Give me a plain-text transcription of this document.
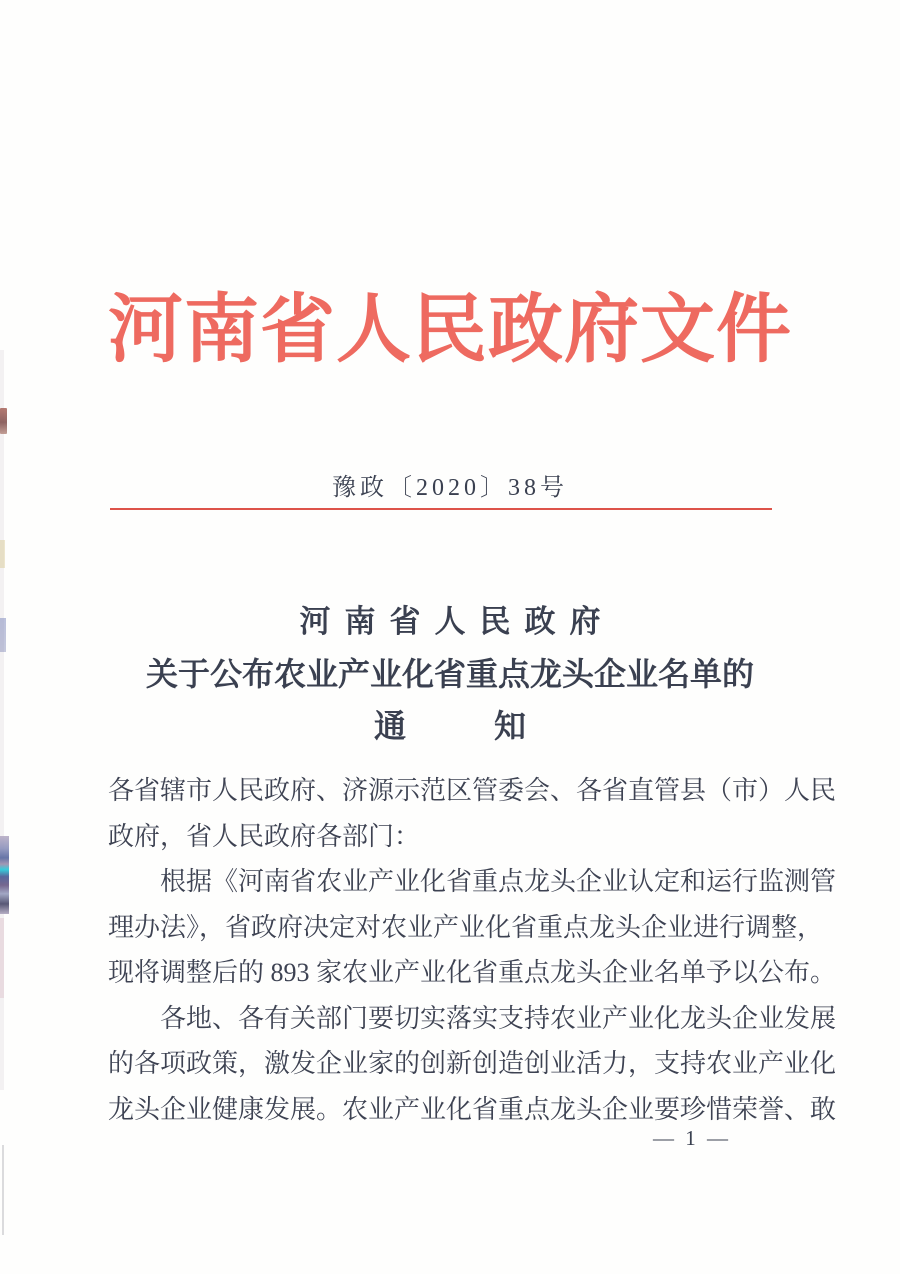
河南省人民政府文件
豫政〔2020〕38号
河南省人民政府
关于公布农业产业化省重点龙头企业名单的
通	知
各省辖市人民政府、济源示范区管委会、各省直管县（市）人民
政府，省人民政府各部门：
根据《河南省农业产业化省重点龙头企业认定和运行监测管
理办法》，省政府决定对农业产业化省重点龙头企业进行调整，
现将调整后的 893 家农业产业化省重点龙头企业名单予以公布。
各地、各有关部门要切实落实支持农业产业化龙头企业发展
的各项政策，激发企业家的创新创造创业活力，支持农业产业化
龙头企业健康发展。农业产业化省重点龙头企业要珍惜荣誉、敢
— 1 —
